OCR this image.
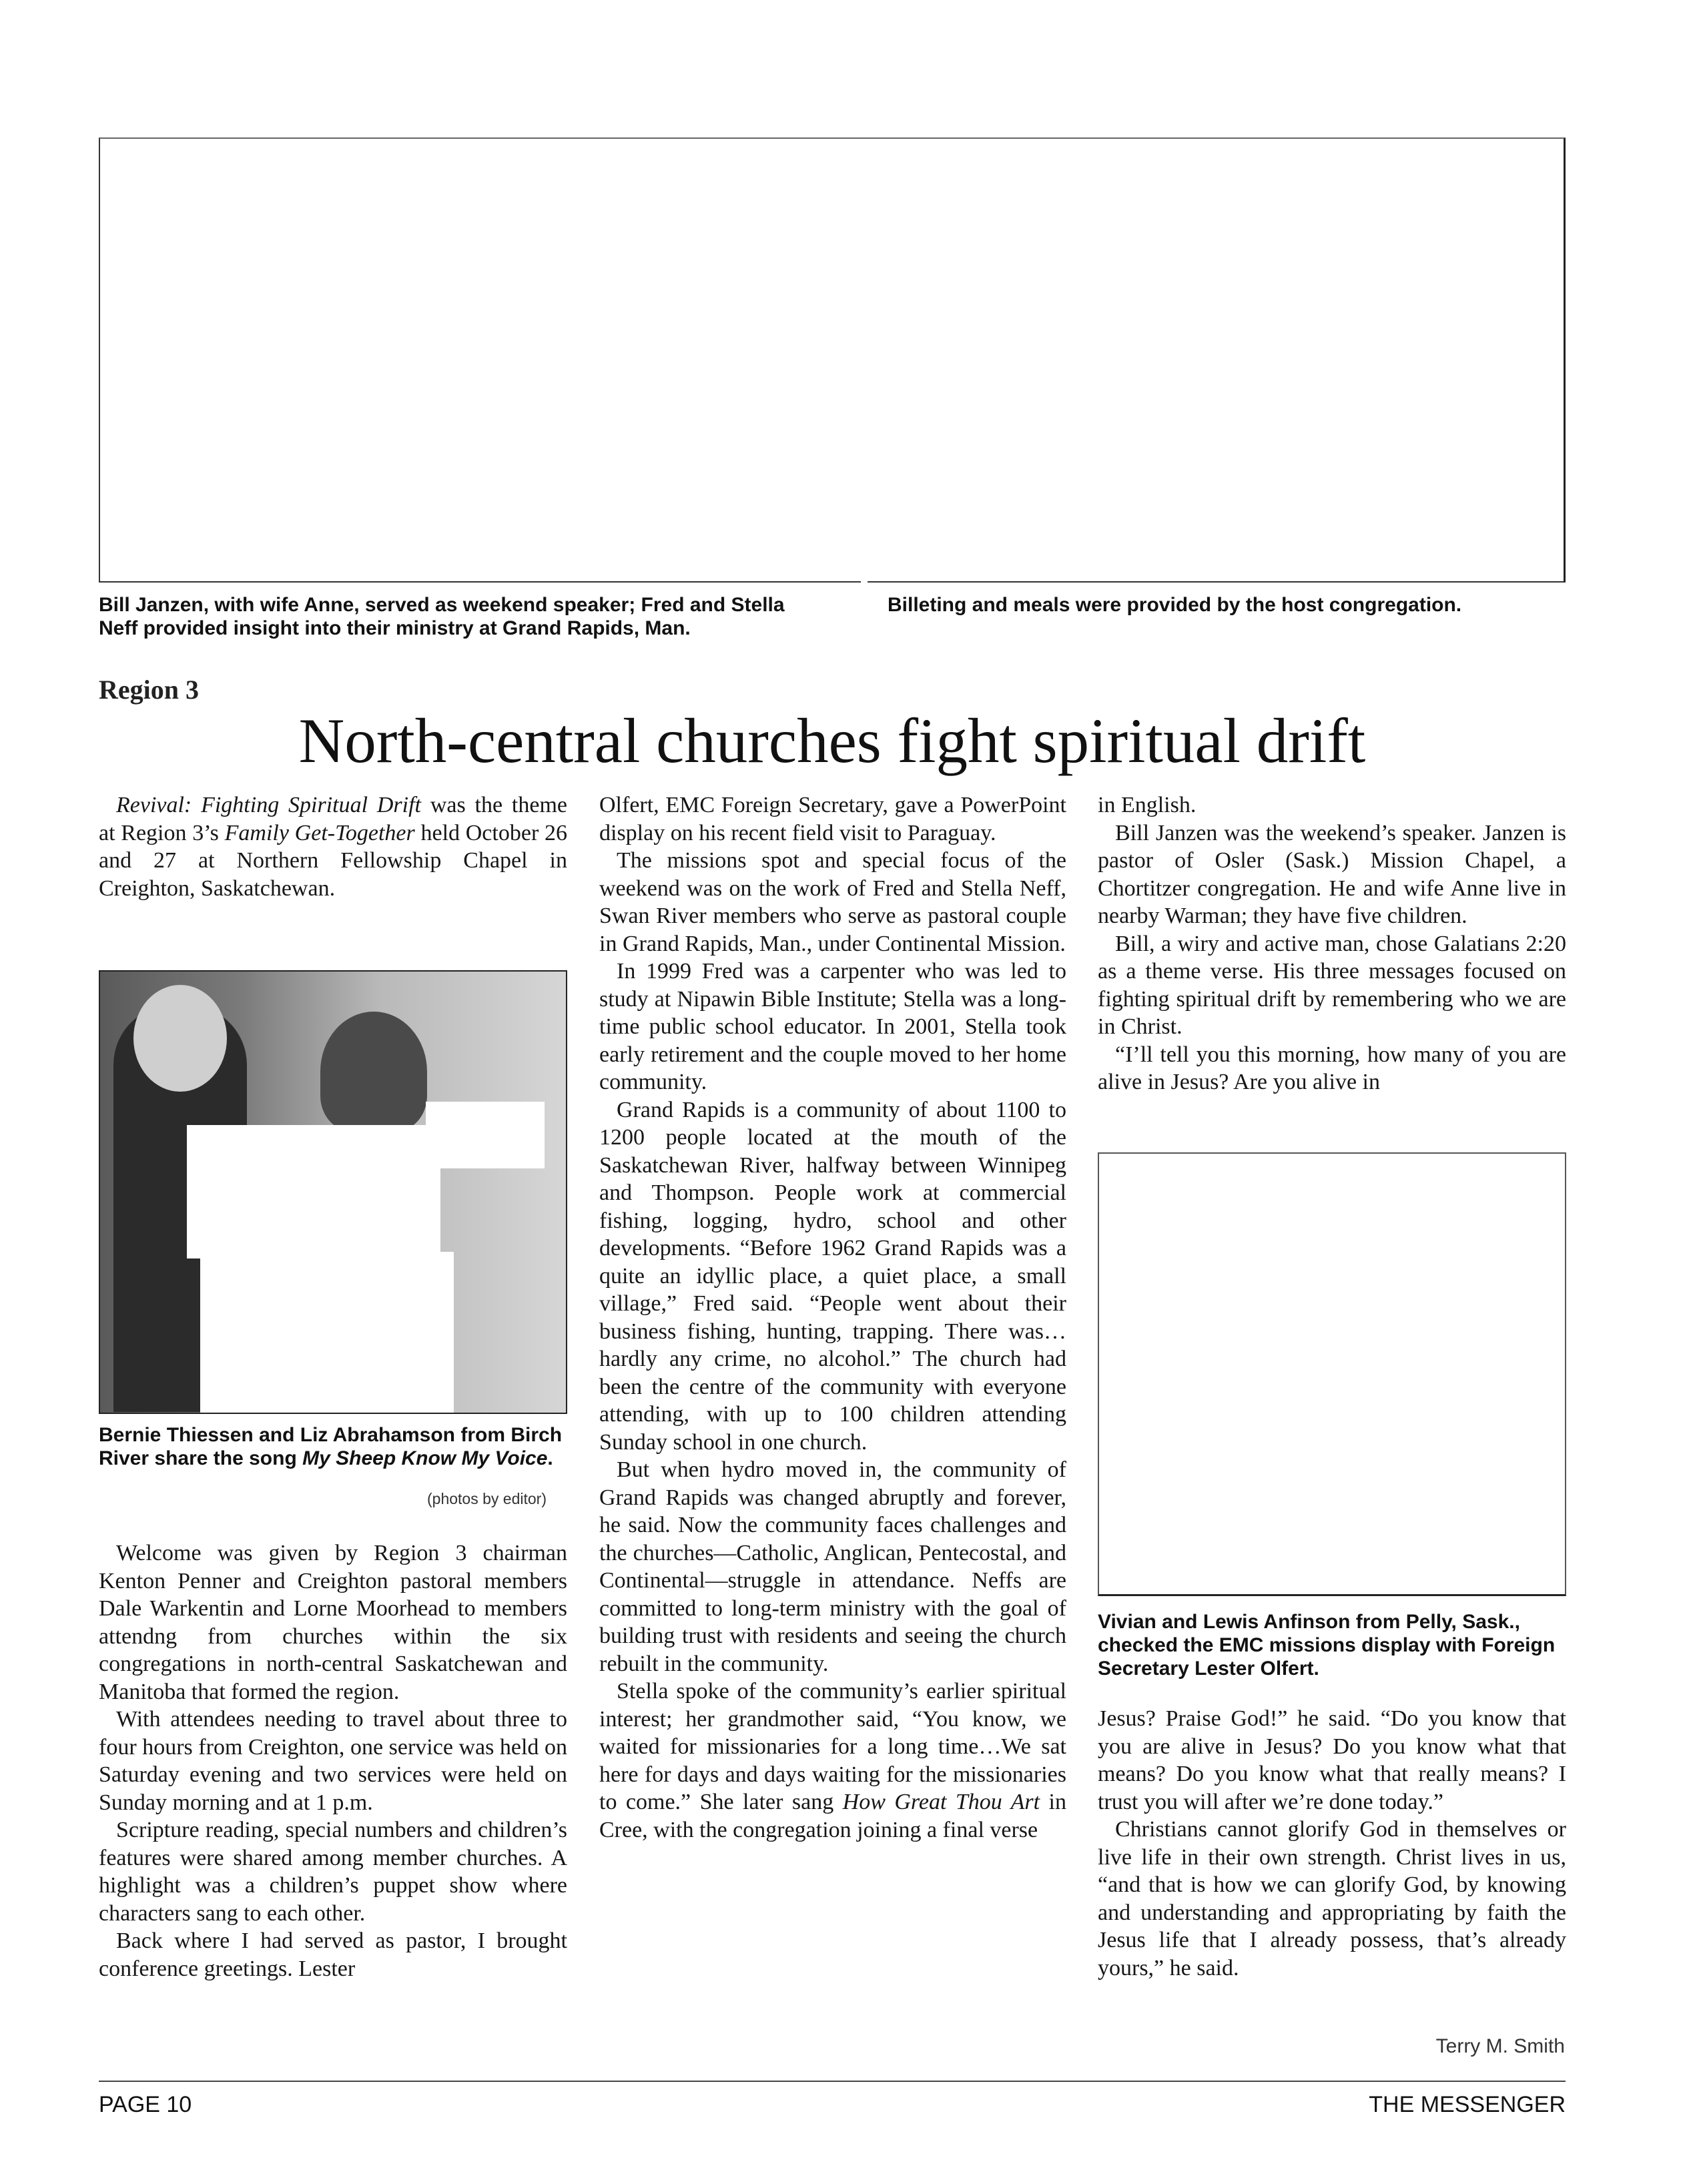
Bill Janzen, with wife Anne, served as weekend speaker; Fred and Stella Neff provided insight into their ministry at Grand Rapids, Man.

Billeting and meals were provided by the host congregation.

Region 3
North-central churches fight spiritual drift

Revival: Fighting Spiritual Drift was the theme at Region 3’s Family Get-Together held October 26 and 27 at Northern Fellowship Chapel in Creighton, Saskatchewan.

Bernie Thiessen and Liz Abrahamson from Birch River share the song My Sheep Know My Voice.

(photos by editor)

Welcome was given by Region 3 chairman Kenton Penner and Creighton pastoral members Dale Warkentin and Lorne Moorhead to members attendng from churches within the six congregations in north-central Saskatchewan and Manitoba that formed the region.

With attendees needing to travel about three to four hours from Creighton, one service was held on Saturday evening and two services were held on Sunday morning and at 1 p.m.

Scripture reading, special numbers and children’s features were shared among member churches. A highlight was a children’s puppet show where characters sang to each other.

Back where I had served as pastor, I brought conference greetings. Lester

Olfert, EMC Foreign Secretary, gave a PowerPoint display on his recent field visit to Paraguay.

The missions spot and special focus of the weekend was on the work of Fred and Stella Neff, Swan River members who serve as pastoral couple in Grand Rapids, Man., under Continental Mission.

In 1999 Fred was a carpenter who was led to study at Nipawin Bible Institute; Stella was a long-time public school educator. In 2001, Stella took early retirement and the couple moved to her home community.

Grand Rapids is a community of about 1100 to 1200 people located at the mouth of the Saskatchewan River, halfway between Winnipeg and Thompson. People work at commercial fishing, logging, hydro, school and other developments. “Before 1962 Grand Rapids was a quite an idyllic place, a quiet place, a small village,” Fred said. “People went about their business fishing, hunting, trapping. There was…hardly any crime, no alcohol.” The church had been the centre of the community with everyone attending, with up to 100 children attending Sunday school in one church.

But when hydro moved in, the community of Grand Rapids was changed abruptly and forever, he said. Now the community faces challenges and the churches—Catholic, Anglican, Pentecostal, and Continental—struggle in attendance. Neffs are committed to long-term ministry with the goal of building trust with residents and seeing the church rebuilt in the community.

Stella spoke of the community’s earlier spiritual interest; her grandmother said, “You know, we waited for missionaries for a long time…We sat here for days and days waiting for the missionaries to come.” She later sang How Great Thou Art in Cree, with the congregation joining a final verse

in English.

Bill Janzen was the weekend’s speaker. Janzen is pastor of Osler (Sask.) Mission Chapel, a Chortitzer congregation. He and wife Anne live in nearby Warman; they have five children.

Bill, a wiry and active man, chose Galatians 2:20 as a theme verse. His three messages focused on fighting spiritual drift by remembering who we are in Christ.

“I’ll tell you this morning, how many of you are alive in Jesus? Are you alive in

Vivian and Lewis Anfinson from Pelly, Sask., checked the EMC missions display with Foreign Secretary Lester Olfert.

Jesus? Praise God!” he said. “Do you know that you are alive in Jesus? Do you know what that means? Do you know what that really means? I trust you will after we’re done today.”

Christians cannot glorify God in themselves or live life in their own strength. Christ lives in us, “and that is how we can glorify God, by knowing and understanding and appropriating by faith the Jesus life that I already possess, that’s already yours,” he said.

Terry M. Smith
PAGE 10	THE MESSENGER
